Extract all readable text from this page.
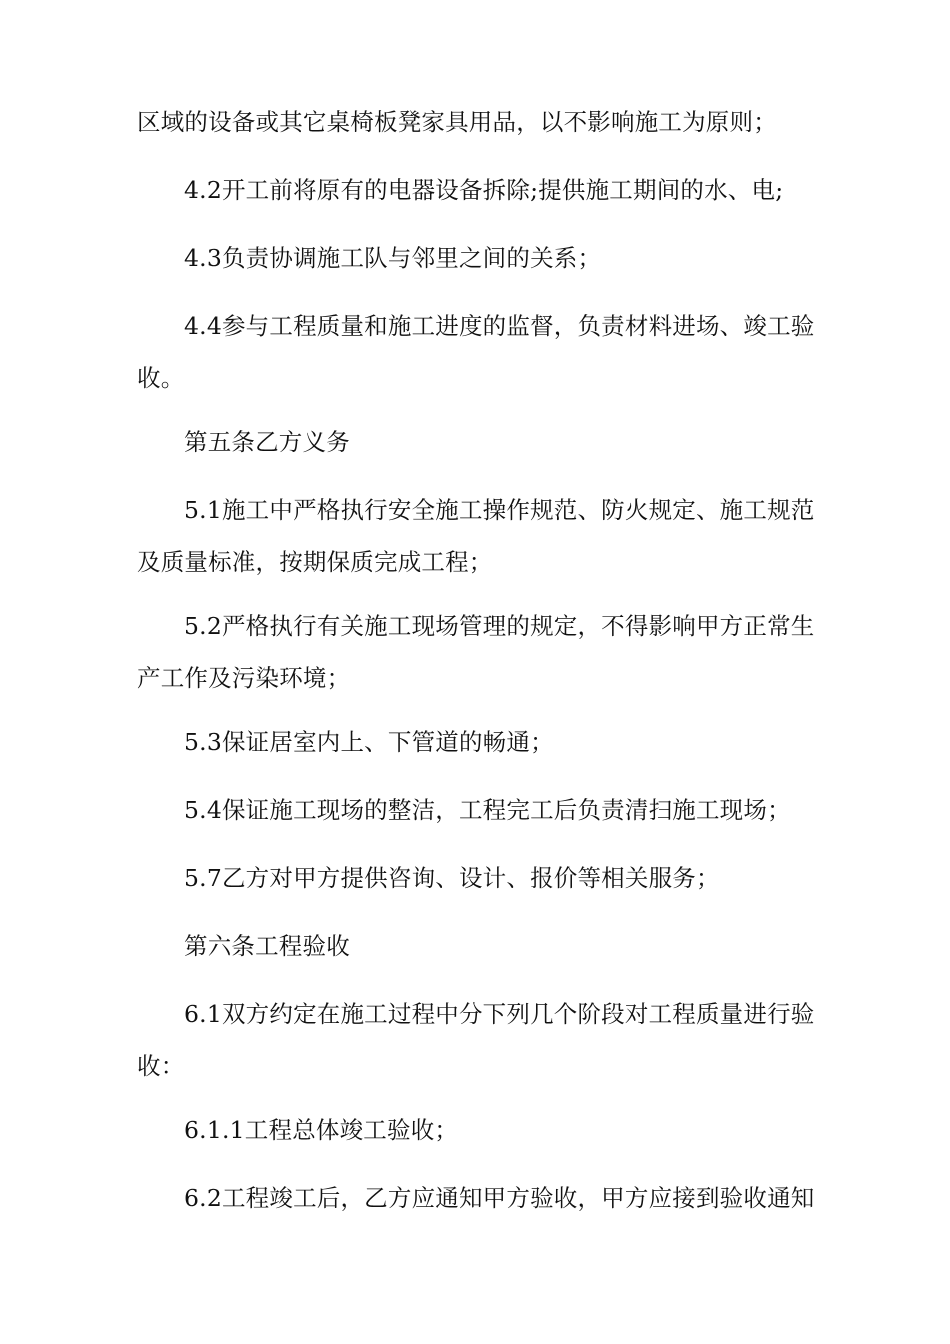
区域的设备或其它桌椅板凳家具用品，以不影响施工为原则；

4.2开工前将原有的电器设备拆除;提供施工期间的水、电;

4.3负责协调施工队与邻里之间的关系；

4.4参与工程质量和施工进度的监督，负责材料进场、竣工验收。

第五条乙方义务

5.1施工中严格执行安全施工操作规范、防火规定、施工规范及质量标准，按期保质完成工程；

5.2严格执行有关施工现场管理的规定，不得影响甲方正常生产工作及污染环境；

5.3保证居室内上、下管道的畅通；

5.4保证施工现场的整洁，工程完工后负责清扫施工现场；

5.7乙方对甲方提供咨询、设计、报价等相关服务；

第六条工程验收

6.1双方约定在施工过程中分下列几个阶段对工程质量进行验收：

6.1.1工程总体竣工验收；

6.2工程竣工后，乙方应通知甲方验收，甲方应接到验收通知
